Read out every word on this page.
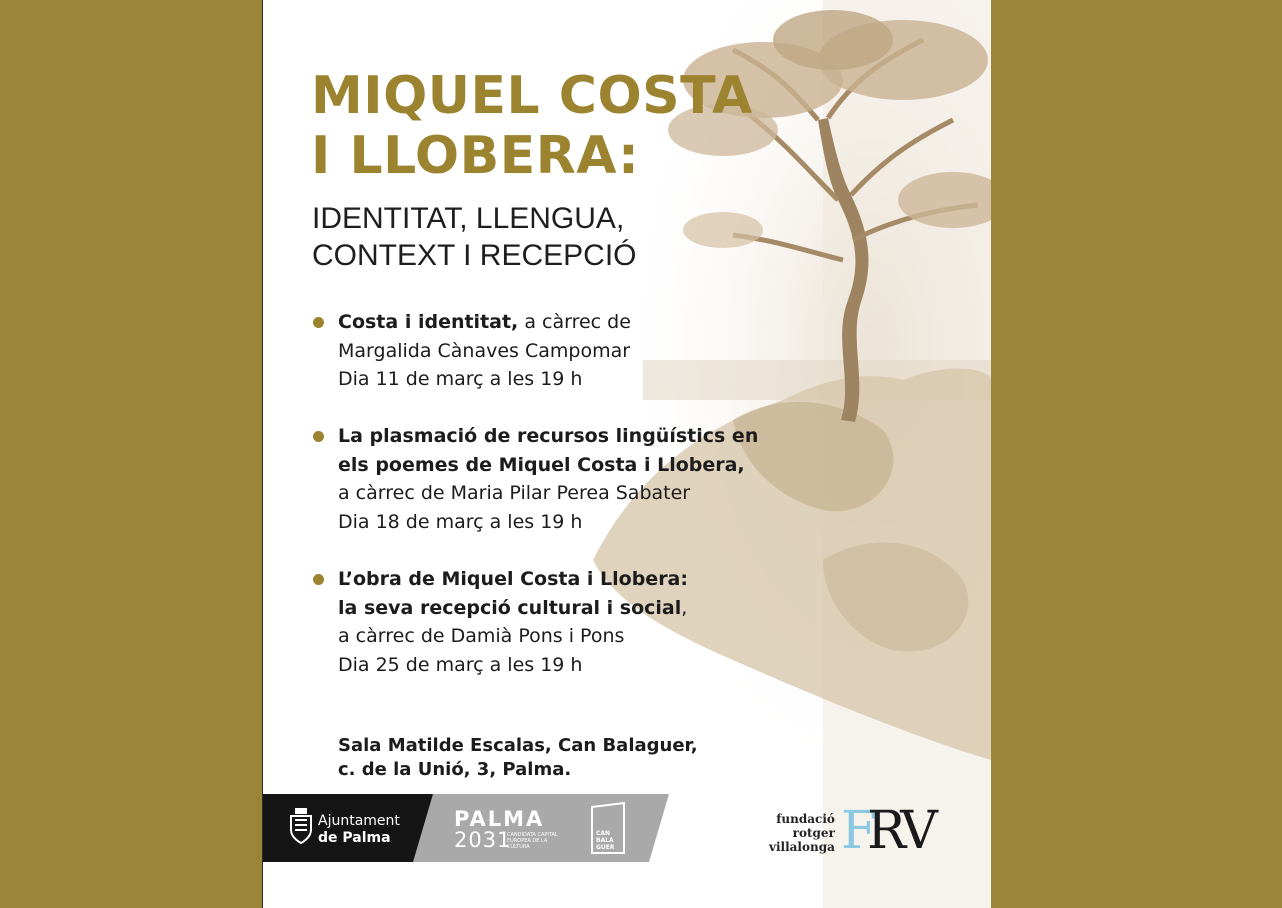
MIQUEL COSTA
I LLOBERA:
IDENTITAT, LLENGUA,
CONTEXT I RECEPCIÓ
Costa i identitat, a càrrec de
Margalida Cànaves Campomar
Dia 11 de març a les 19 h
La plasmació de recursos lingüístics en
els poemes de Miquel Costa i Llobera,
a càrrec de Maria Pilar Perea Sabater
Dia 18 de març a les 19 h
L’obra de Miquel Costa i Llobera:
la seva recepció cultural i social,
a càrrec de Damià Pons i Pons
Dia 25 de març a les 19 h
Sala Matilde Escalas, Can Balaguer,
c. de la Unió, 3, Palma.
Ajuntament
de Palma
PALMA
2031
CANDIDATA CAPITAL EUROPEA DE LA CULTURA
CAN
BALA
GUER
fundació
rotger
villalonga F
RV
